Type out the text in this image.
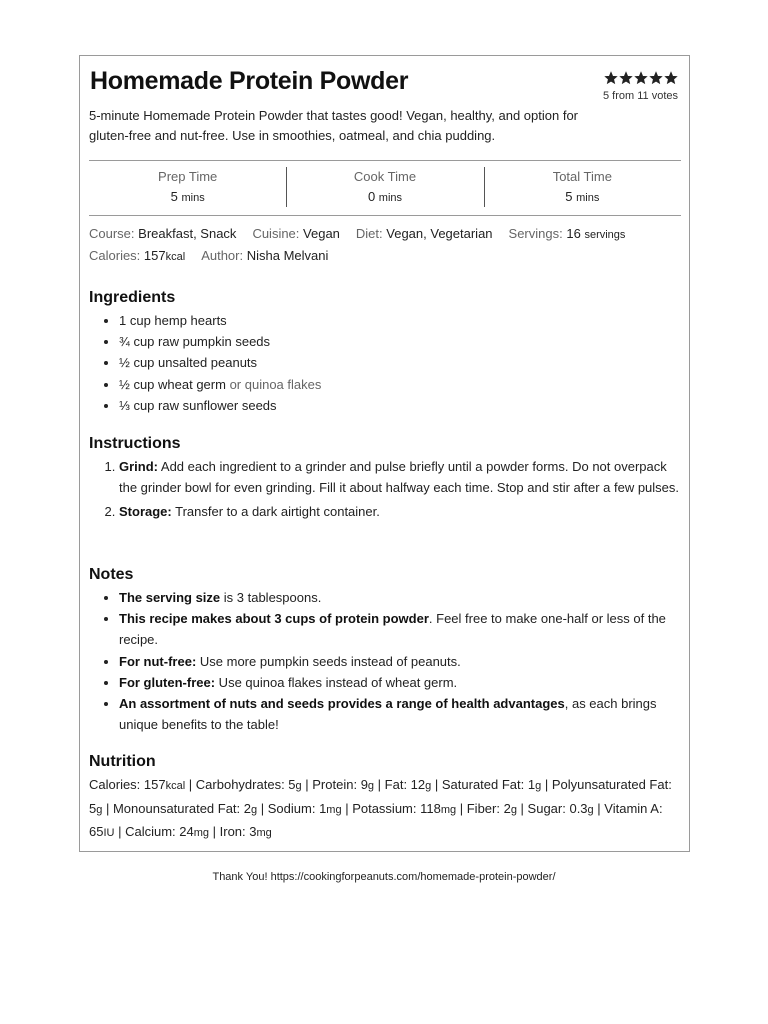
Homemade Protein Powder
5 from 11 votes
5-minute Homemade Protein Powder that tastes good! Vegan, healthy, and option for gluten-free and nut-free. Use in smoothies, oatmeal, and chia pudding.
Prep Time
5 mins
Cook Time
0 mins
Total Time
5 mins
Course: Breakfast, Snack Cuisine: Vegan Diet: Vegan, Vegetarian Servings: 16 servings
Calories: 157kcal Author: Nisha Melvani
Ingredients
• 1 cup hemp hearts
• ¾ cup raw pumpkin seeds
• ½ cup unsalted peanuts
• ½ cup wheat germ or quinoa flakes
• ⅓ cup raw sunflower seeds
Instructions
1. Grind: Add each ingredient to a grinder and pulse briefly until a powder forms. Do not overpack the grinder bowl for even grinding. Fill it about halfway each time. Stop and stir after a few pulses.
2. Storage: Transfer to a dark airtight container.
Notes
• The serving size is 3 tablespoons.
• This recipe makes about 3 cups of protein powder. Feel free to make one-half or less of the recipe.
• For nut-free: Use more pumpkin seeds instead of peanuts.
• For gluten-free: Use quinoa flakes instead of wheat germ.
• An assortment of nuts and seeds provides a range of health advantages, as each brings unique benefits to the table!
Nutrition
Calories: 157kcal | Carbohydrates: 5g | Protein: 9g | Fat: 12g | Saturated Fat: 1g | Polyunsaturated Fat: 5g | Monounsaturated Fat: 2g | Sodium: 1mg | Potassium: 118mg | Fiber: 2g | Sugar: 0.3g | Vitamin A: 65IU | Calcium: 24mg | Iron: 3mg
Thank You! https://cookingforpeanuts.com/homemade-protein-powder/
